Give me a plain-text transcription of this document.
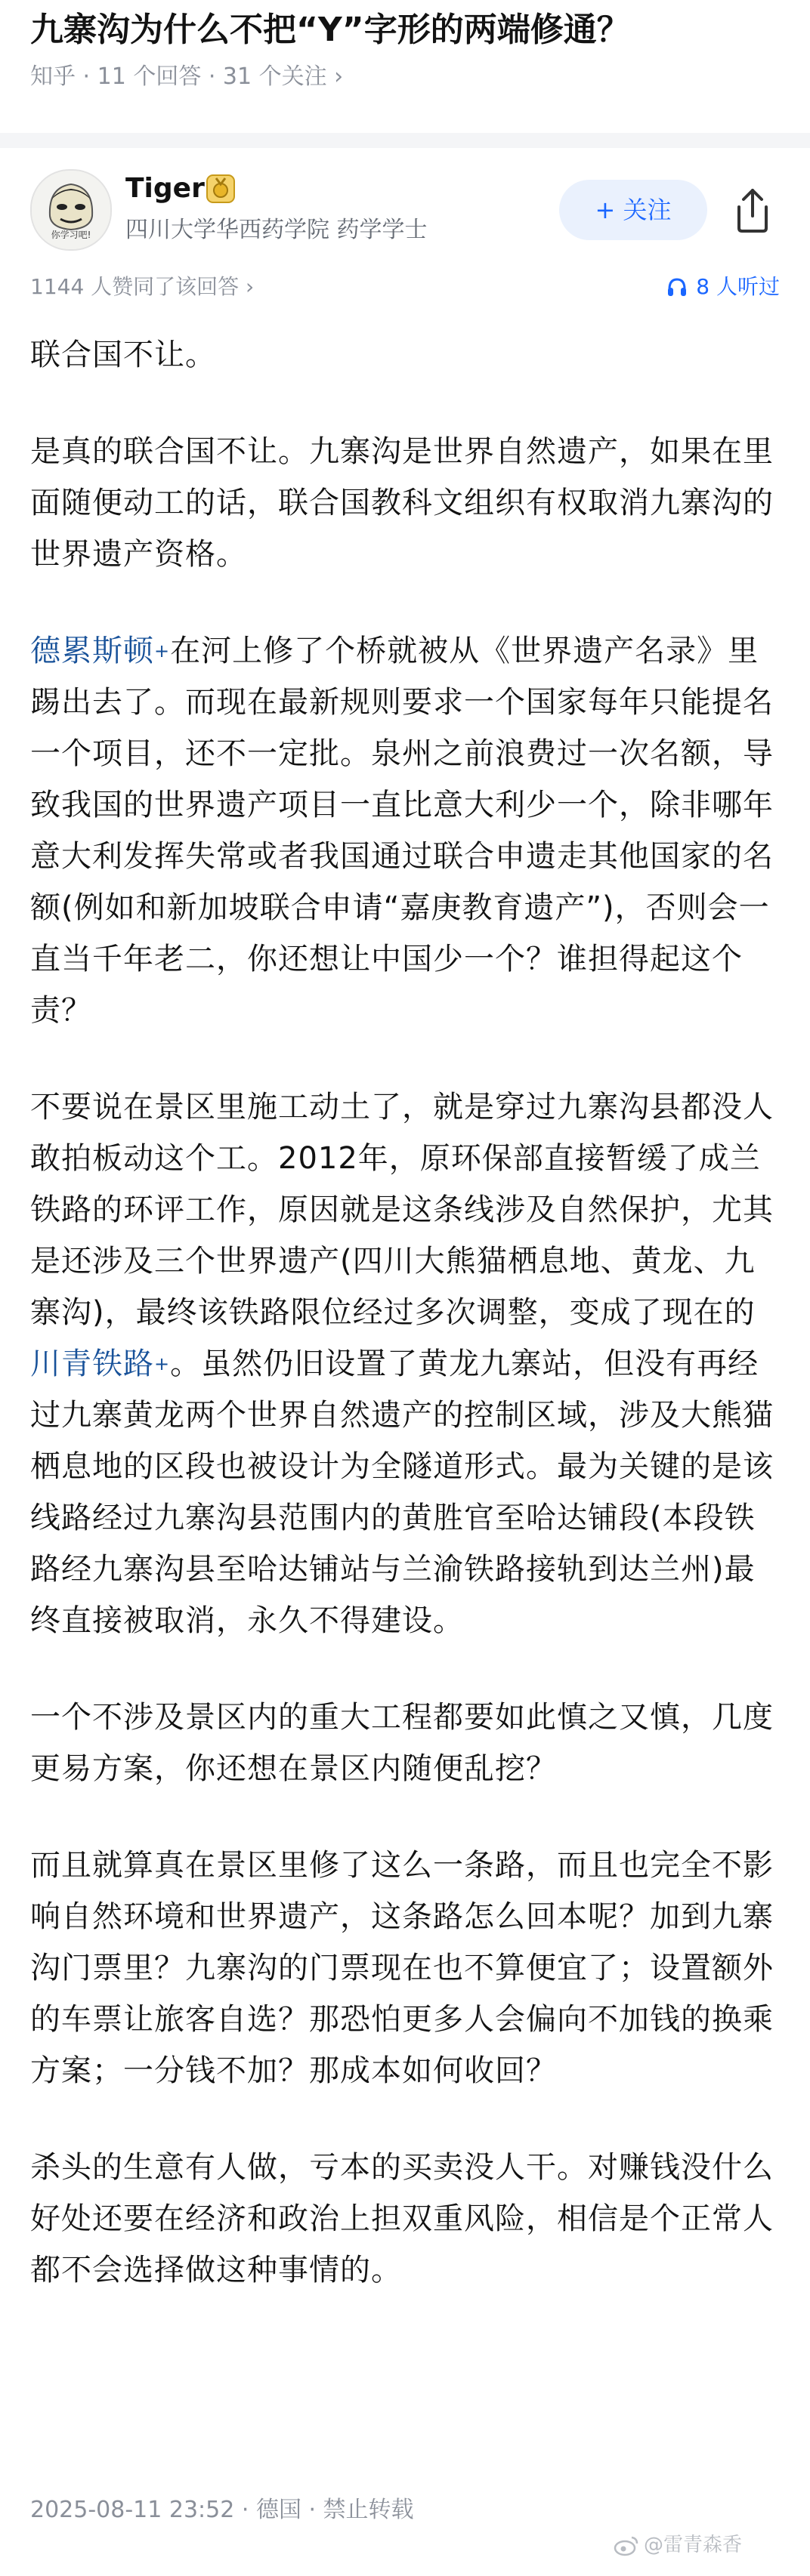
九寨沟为什么不把“Y”字形的两端修通？
知乎 · 11 个回答 · 31 个关注 ›
你学习吧!
Tiger
四川大学华西药学院 药学学士
+ 关注
1144 人赞同了该回答 ›	8 人听过

联合国不让。

是真的联合国不让。九寨沟是世界自然遗产，如果在里面随便动工的话，联合国教科文组织有权取消九寨沟的世界遗产资格。

德累斯顿+在河上修了个桥就被从《世界遗产名录》里踢出去了。而现在最新规则要求一个国家每年只能提名一个项目，还不一定批。泉州之前浪费过一次名额，导致我国的世界遗产项目一直比意大利少一个，除非哪年意大利发挥失常或者我国通过联合申遗走其他国家的名额(例如和新加坡联合申请“嘉庚教育遗产”)，否则会一直当千年老二，你还想让中国少一个？谁担得起这个责？

不要说在景区里施工动土了，就是穿过九寨沟县都没人敢拍板动这个工。2012年，原环保部直接暂缓了成兰铁路的环评工作，原因就是这条线涉及自然保护，尤其是还涉及三个世界遗产(四川大熊猫栖息地、黄龙、九寨沟)，最终该铁路限位经过多次调整，变成了现在的川青铁路+。虽然仍旧设置了黄龙九寨站，但没有再经过九寨黄龙两个世界自然遗产的控制区域，涉及大熊猫栖息地的区段也被设计为全隧道形式。最为关键的是该线路经过九寨沟县范围内的黄胜官至哈达铺段(本段铁路经九寨沟县至哈达铺站与兰渝铁路接轨到达兰州)最终直接被取消，永久不得建设。

一个不涉及景区内的重大工程都要如此慎之又慎，几度更易方案，你还想在景区内随便乱挖？

而且就算真在景区里修了这么一条路，而且也完全不影响自然环境和世界遗产，这条路怎么回本呢？加到九寨沟门票里？九寨沟的门票现在也不算便宜了；设置额外的车票让旅客自选？那恐怕更多人会偏向不加钱的换乘方案；一分钱不加？那成本如何收回？

杀头的生意有人做，亏本的买卖没人干。对赚钱没什么好处还要在经济和政治上担双重风险，相信是个正常人都不会选择做这种事情的。

2025-08-11 23:52 · 德国 · 禁止转载
@雷青森香
